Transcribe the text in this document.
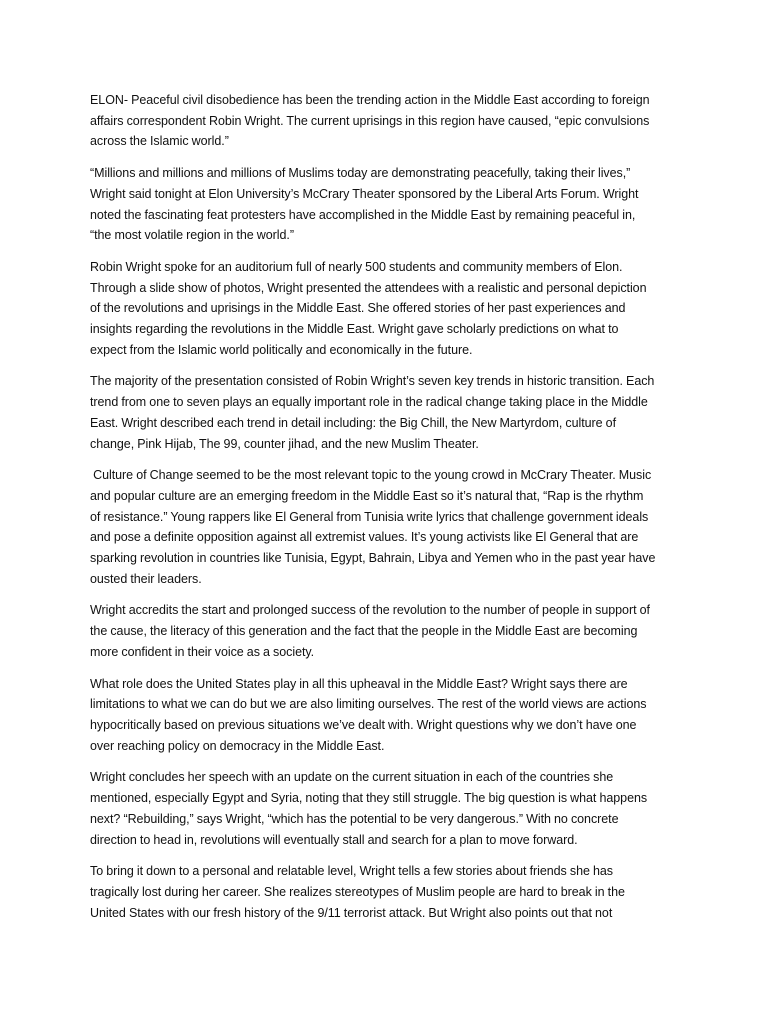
ELON- Peaceful civil disobedience has been the trending action in the Middle East according to foreign
affairs correspondent Robin Wright. The current uprisings in this region have caused, “epic convulsions
across the Islamic world.”

“Millions and millions and millions of Muslims today are demonstrating peacefully, taking their lives,”
Wright said tonight at Elon University’s McCrary Theater sponsored by the Liberal Arts Forum. Wright
noted the fascinating feat protesters have accomplished in the Middle East by remaining peaceful in,
“the most volatile region in the world.”

Robin Wright spoke for an auditorium full of nearly 500 students and community members of Elon.
Through a slide show of photos, Wright presented the attendees with a realistic and personal depiction
of the revolutions and uprisings in the Middle East. She offered stories of her past experiences and
insights regarding the revolutions in the Middle East. Wright gave scholarly predictions on what to
expect from the Islamic world politically and economically in the future.

The majority of the presentation consisted of Robin Wright’s seven key trends in historic transition. Each
trend from one to seven plays an equally important role in the radical change taking place in the Middle
East. Wright described each trend in detail including: the Big Chill, the New Martyrdom, culture of
change, Pink Hijab, The 99, counter jihad, and the new Muslim Theater.

Culture of Change seemed to be the most relevant topic to the young crowd in McCrary Theater. Music
and popular culture are an emerging freedom in the Middle East so it’s natural that, “Rap is the rhythm
of resistance.” Young rappers like El General from Tunisia write lyrics that challenge government ideals
and pose a definite opposition against all extremist values. It’s young activists like El General that are
sparking revolution in countries like Tunisia, Egypt, Bahrain, Libya and Yemen who in the past year have
ousted their leaders.

Wright accredits the start and prolonged success of the revolution to the number of people in support of
the cause, the literacy of this generation and the fact that the people in the Middle East are becoming
more confident in their voice as a society.

What role does the United States play in all this upheaval in the Middle East? Wright says there are
limitations to what we can do but we are also limiting ourselves. The rest of the world views are actions
hypocritically based on previous situations we’ve dealt with. Wright questions why we don’t have one
over reaching policy on democracy in the Middle East.

Wright concludes her speech with an update on the current situation in each of the countries she
mentioned, especially Egypt and Syria, noting that they still struggle. The big question is what happens
next? “Rebuilding,” says Wright, “which has the potential to be very dangerous.” With no concrete
direction to head in, revolutions will eventually stall and search for a plan to move forward.

To bring it down to a personal and relatable level, Wright tells a few stories about friends she has
tragically lost during her career. She realizes stereotypes of Muslim people are hard to break in the
United States with our fresh history of the 9/11 terrorist attack. But Wright also points out that not
